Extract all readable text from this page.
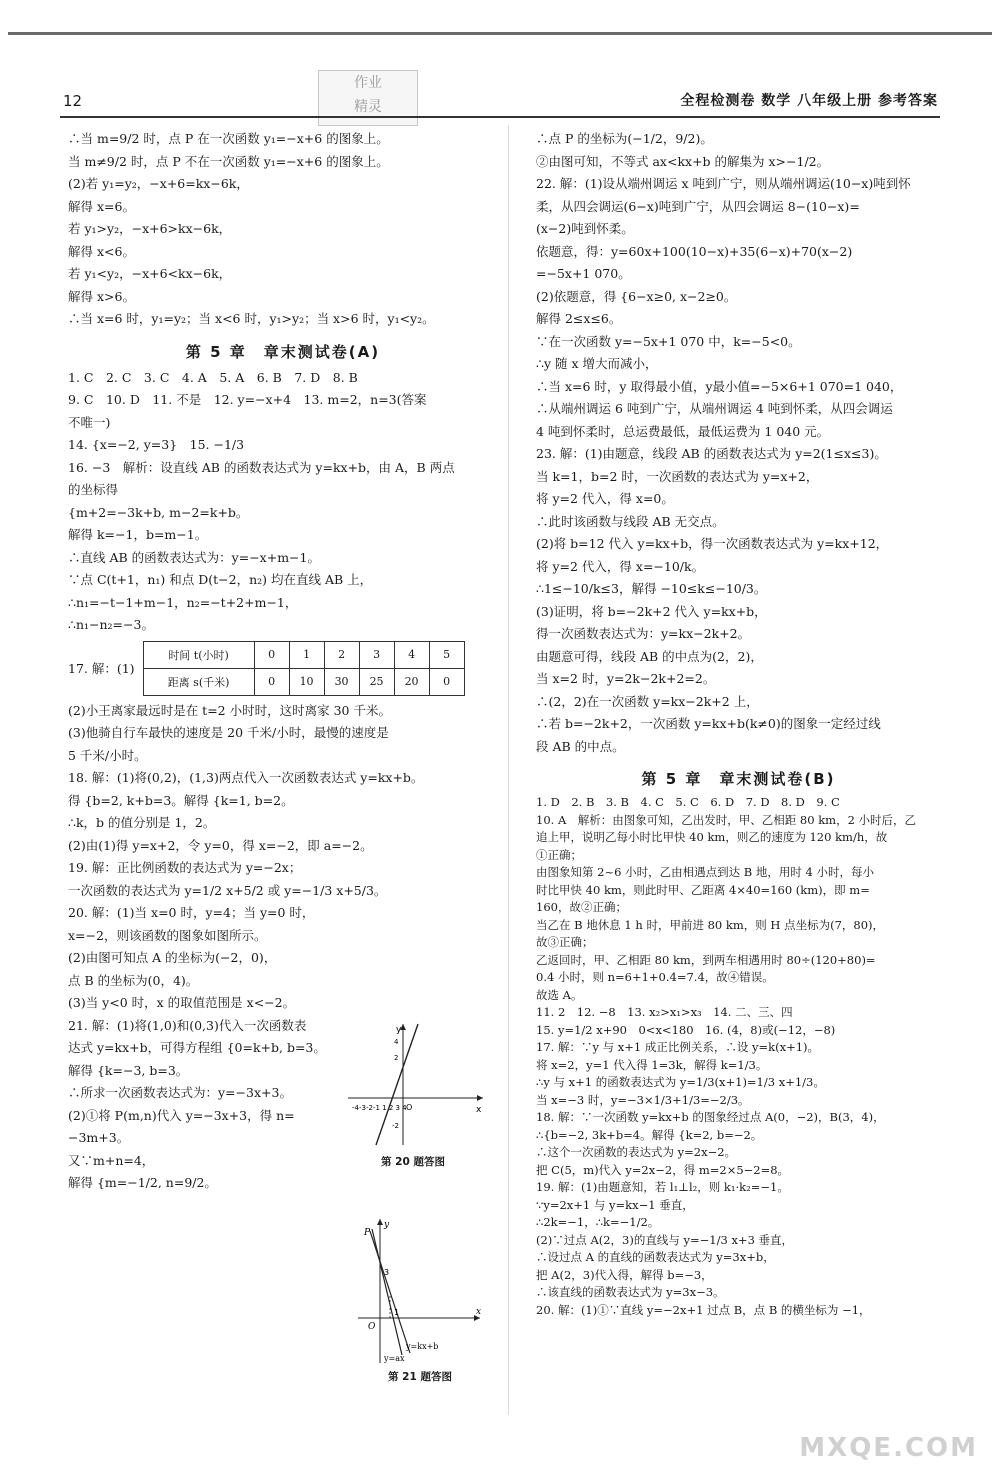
12
作业
精灵	全程检测卷 数学 八年级上册 参考答案
∴当 m=9/2 时，点 P 在一次函数 y₁=−x+6 的图象上。
当 m≠9/2 时，点 P 不在一次函数 y₁=−x+6 的图象上。
(2)若 y₁=y₂，−x+6=kx−6k，
解得 x=6。
若 y₁>y₂，−x+6>kx−6k，
解得 x<6。
若 y₁<y₂，−x+6<kx−6k，
解得 x>6。
∴当 x=6 时，y₁=y₂；当 x<6 时，y₁>y₂；当 x>6 时，y₁<y₂。
第 5 章　章末测试卷(A)
1. C　2. C　3. C　4. A　5. A　6. B　7. D　8. B
9. C　10. D　11. 不是　12. y=−x+4　13. m=2，n=3(答案
不唯一)
14. {x=−2, y=3}　15. −1/3
16. −3　解析：设直线 AB 的函数表达式为 y=kx+b，由 A，B 两点
的坐标得
{m+2=−3k+b, m−2=k+b。
解得 k=−1，b=m−1。
∴直线 AB 的函数表达式为：y=−x+m−1。
∵点 C(t+1，n₁) 和点 D(t−2，n₂) 均在直线 AB 上，
∴n₁=−t−1+m−1，n₂=−t+2+m−1，
∴n₁−n₂=−3。
17. 解：(1)
时间 t(小时)	0	1	2	3	4	5
距离 s(千米)	0	10	30	25	20	0
(2)小王离家最远时是在 t=2 小时时，这时离家 30 千米。
(3)他骑自行车最快的速度是 20 千米/小时，最慢的速度是
5 千米/小时。
18. 解：(1)将(0,2)，(1,3)两点代入一次函数表达式 y=kx+b。
得 {b=2, k+b=3。解得 {k=1, b=2。
∴k，b 的值分别是 1，2。
(2)由(1)得 y=x+2，令 y=0，得 x=−2，即 a=−2。
19. 解：正比例函数的表达式为 y=−2x；
一次函数的表达式为 y=1/2 x+5/2 或 y=−1/3 x+5/3。
20. 解：(1)当 x=0 时，y=4；当 y=0 时，
x=−2，则该函数的图象如图所示。
(2)由图可知点 A 的坐标为(−2，0)，
点 B 的坐标为(0，4)。
(3)当 y<0 时，x 的取值范围是 x<−2。
21. 解：(1)将(1,0)和(0,3)代入一次函数表
达式 y=kx+b，可得方程组 {0=k+b, b=3。
解得 {k=−3, b=3。
∴所求一次函数表达式为：y=−3x+3。
(2)①将 P(m,n)代入 y=−3x+3，得 n=
−3m+3。
又∵m+n=4，
解得 {m=−1/2, n=9/2。
x
y
O
-4-3-2-1 1 2 3 4
4
2
-2
第 20 题答图
P
x
y
O
3
1
y=kx+b
y=ax
第 21 题答图
∴点 P 的坐标为(−1/2，9/2)。
②由图可知，不等式 ax<kx+b 的解集为 x>−1/2。
22. 解：(1)设从端州调运 x 吨到广宁，则从端州调运(10−x)吨到怀
柔，从四会调运(6−x)吨到广宁，从四会调运 8−(10−x)=
(x−2)吨到怀柔。
依题意，得：y=60x+100(10−x)+35(6−x)+70(x−2)
=−5x+1 070。
(2)依题意，得 {6−x≥0, x−2≥0。
解得 2≤x≤6。
∵在一次函数 y=−5x+1 070 中，k=−5<0。
∴y 随 x 增大而减小，
∴当 x=6 时，y 取得最小值，y最小值=−5×6+1 070=1 040，
∴从端州调运 6 吨到广宁，从端州调运 4 吨到怀柔，从四会调运
4 吨到怀柔时，总运费最低，最低运费为 1 040 元。
23. 解：(1)由题意，线段 AB 的函数表达式为 y=2(1≤x≤3)。
当 k=1，b=2 时，一次函数的表达式为 y=x+2，
将 y=2 代入，得 x=0。
∴此时该函数与线段 AB 无交点。
(2)将 b=12 代入 y=kx+b，得一次函数表达式为 y=kx+12，
将 y=2 代入，得 x=−10/k。
∴1≤−10/k≤3，解得 −10≤k≤−10/3。
(3)证明，将 b=−2k+2 代入 y=kx+b，
得一次函数表达式为：y=kx−2k+2。
由题意可得，线段 AB 的中点为(2，2)，
当 x=2 时，y=2k−2k+2=2。
∴(2，2)在一次函数 y=kx−2k+2 上，
∴若 b=−2k+2，一次函数 y=kx+b(k≠0)的图象一定经过线
段 AB 的中点。
第 5 章　章末测试卷(B)
1. D　2. B　3. B　4. C　5. C　6. D　7. D　8. D　9. C
10. A　解析：由图象可知，乙出发时，甲、乙相距 80 km，2 小时后，乙
追上甲，说明乙每小时比甲快 40 km，则乙的速度为 120 km/h，故
①正确；
由图象知第 2~6 小时，乙由相遇点到达 B 地，用时 4 小时，每小
时比甲快 40 km，则此时甲、乙距离 4×40=160 (km)，即 m=
160，故②正确；
当乙在 B 地休息 1 h 时，甲前进 80 km，则 H 点坐标为(7，80)，
故③正确；
乙返回时，甲、乙相距 80 km，到两车相遇用时 80÷(120+80)=
0.4 小时，则 n=6+1+0.4=7.4，故④错误。
故选 A。
11. 2　12. −8　13. x₂>x₁>x₃　14. 二、三、四
15. y=1/2 x+90　0<x<180　16. (4，8)或(−12，−8)
17. 解：∵y 与 x+1 成正比例关系，∴设 y=k(x+1)。
将 x=2，y=1 代入得 1=3k，解得 k=1/3。
∴y 与 x+1 的函数表达式为 y=1/3(x+1)=1/3 x+1/3。
当 x=−3 时，y=−3×1/3+1/3=−2/3。
18. 解：∵一次函数 y=kx+b 的图象经过点 A(0，−2)，B(3，4)，
∴{b=−2, 3k+b=4。解得 {k=2, b=−2。
∴这个一次函数的表达式为 y=2x−2。
把 C(5，m)代入 y=2x−2，得 m=2×5−2=8。
19. 解：(1)由题意知，若 l₁⊥l₂，则 k₁·k₂=−1。
∵y=2x+1 与 y=kx−1 垂直，
∴2k=−1，∴k=−1/2。
(2)∵过点 A(2，3)的直线与 y=−1/3 x+3 垂直，
∴设过点 A 的直线的函数表达式为 y=3x+b，
把 A(2，3)代入得，解得 b=−3，
∴该直线的函数表达式为 y=3x−3。
20. 解：(1)①∵直线 y=−2x+1 过点 B，点 B 的横坐标为 −1，
MXQE.COM
